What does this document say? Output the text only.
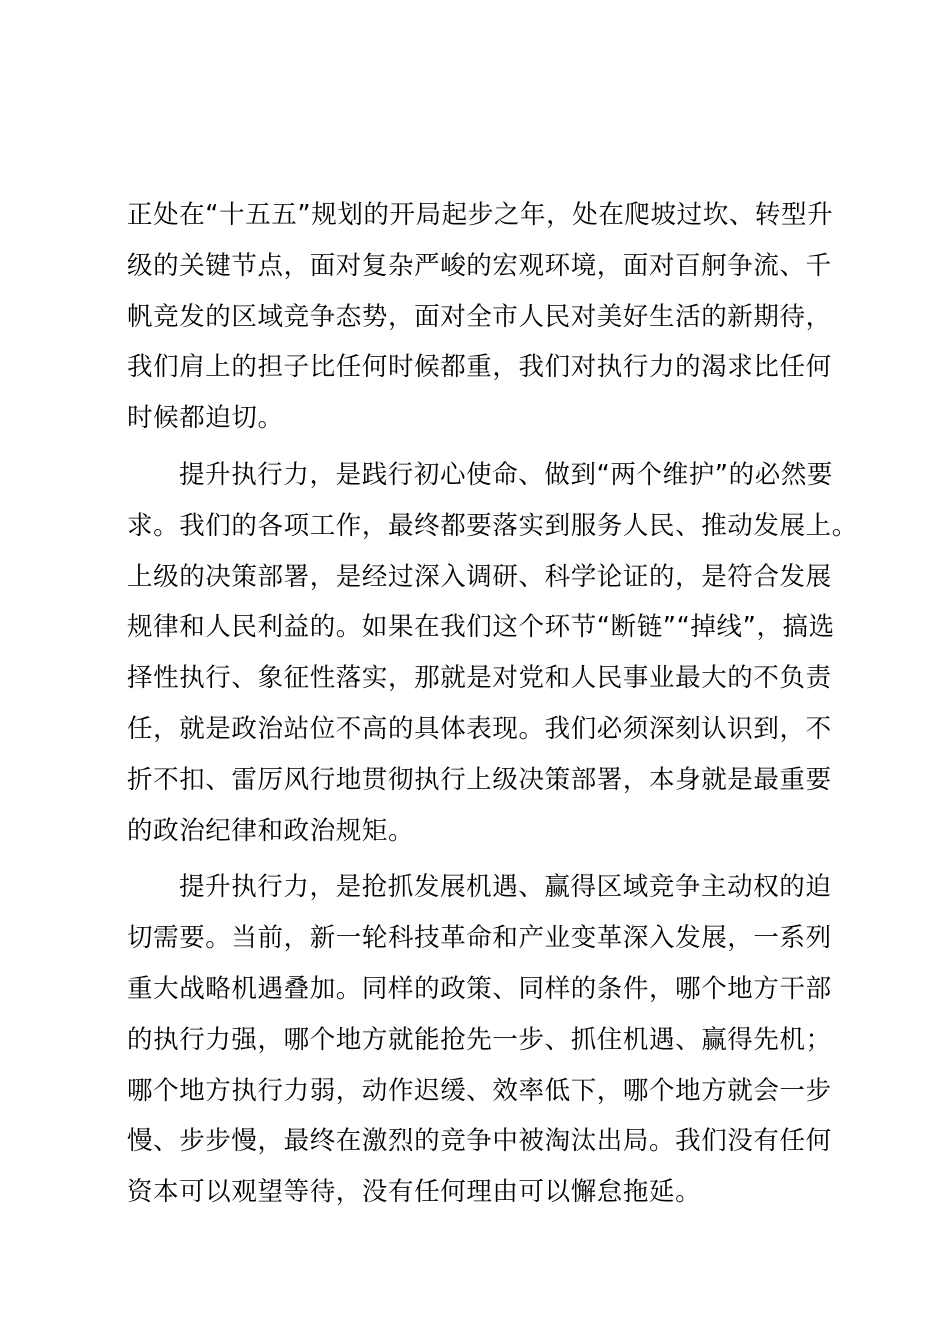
正处在“十五五”规划的开局起步之年，处在爬坡过坎、转型升
级的关键节点，面对复杂严峻的宏观环境，面对百舸争流、千
帆竞发的区域竞争态势，面对全市人民对美好生活的新期待，
我们肩上的担子比任何时候都重，我们对执行力的渴求比任何
时候都迫切。
提升执行力，是践行初心使命、做到“两个维护”的必然要
求。我们的各项工作，最终都要落实到服务人民、推动发展上。
上级的决策部署，是经过深入调研、科学论证的，是符合发展
规律和人民利益的。如果在我们这个环节“断链”“掉线”，搞选
择性执行、象征性落实，那就是对党和人民事业最大的不负责
任，就是政治站位不高的具体表现。我们必须深刻认识到，不
折不扣、雷厉风行地贯彻执行上级决策部署，本身就是最重要
的政治纪律和政治规矩。
提升执行力，是抢抓发展机遇、赢得区域竞争主动权的迫
切需要。当前，新一轮科技革命和产业变革深入发展，一系列
重大战略机遇叠加。同样的政策、同样的条件，哪个地方干部
的执行力强，哪个地方就能抢先一步、抓住机遇、赢得先机；
哪个地方执行力弱，动作迟缓、效率低下，哪个地方就会一步
慢、步步慢，最终在激烈的竞争中被淘汰出局。我们没有任何
资本可以观望等待，没有任何理由可以懈怠拖延。
